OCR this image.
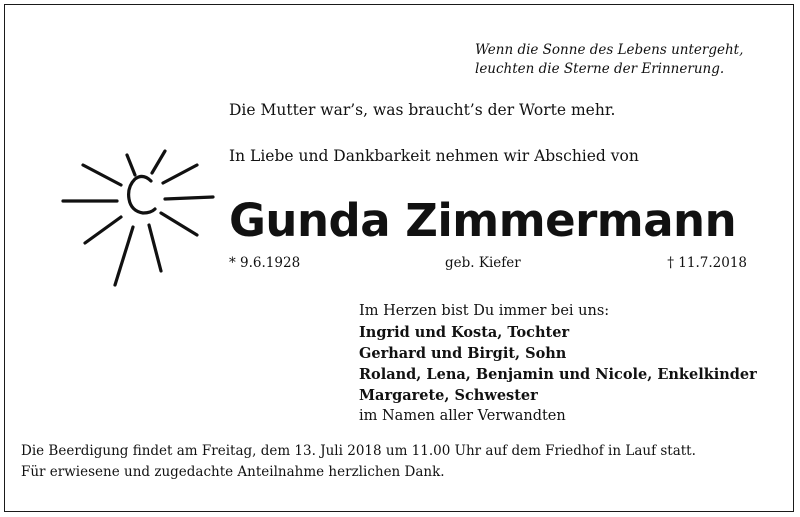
Wenn die Sonne des Lebens untergeht,
leuchten die Sterne der Erinnerung.
Die Mutter war’s, was braucht’s der Worte mehr.
In Liebe und Dankbarkeit nehmen wir Abschied von
Gunda Zimmermann
* 9.6.1928	geb. Kiefer	† 11.7.2018
Im Herzen bist Du immer bei uns:
Ingrid und Kosta, Tochter
Gerhard und Birgit, Sohn
Roland, Lena, Benjamin und Nicole, Enkelkinder
Margarete, Schwester
im Namen aller Verwandten
Die Beerdigung findet am Freitag, dem 13. Juli 2018 um 11.00 Uhr auf dem Friedhof in Lauf statt.
Für erwiesene und zugedachte Anteilnahme herzlichen Dank.
